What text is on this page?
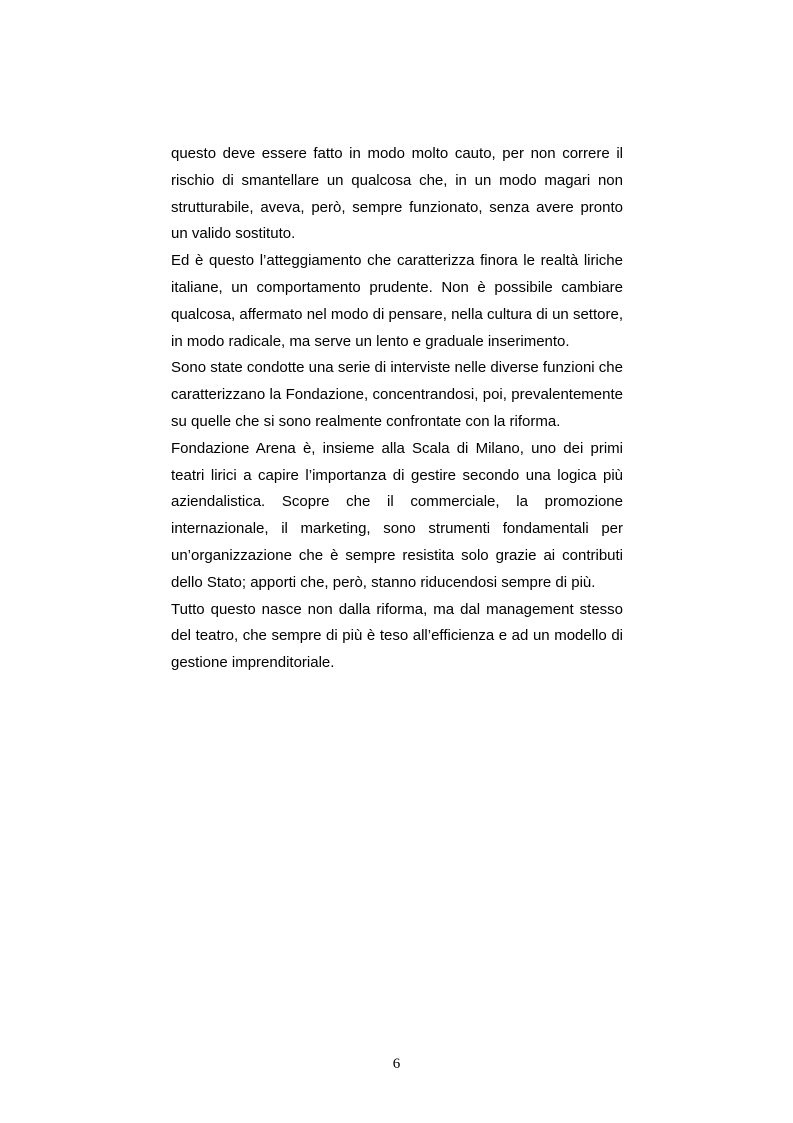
questo deve essere fatto in modo molto cauto, per non correre il rischio di smantellare un qualcosa che, in un modo magari non strutturabile, aveva, però, sempre funzionato, senza avere pronto un valido sostituto.

Ed è questo l’atteggiamento che caratterizza finora le realtà liriche italiane, un comportamento prudente. Non è possibile cambiare qualcosa, affermato nel modo di pensare, nella cultura di un settore, in modo radicale, ma serve un lento e graduale inserimento.

Sono state condotte una serie di interviste nelle diverse funzioni che caratterizzano la Fondazione, concentrandosi, poi, prevalentemente su quelle che si sono realmente confrontate con la riforma.

Fondazione Arena è, insieme alla Scala di Milano, uno dei primi teatri lirici a capire l’importanza di gestire secondo una logica più aziendalistica. Scopre che il commerciale, la promozione internazionale, il marketing, sono strumenti fondamentali per un’organizzazione che è sempre resistita solo grazie ai contributi dello Stato; apporti che, però, stanno riducendosi sempre di più.

Tutto questo nasce non dalla riforma, ma dal management stesso del teatro, che sempre di più è teso all’efficienza e ad un modello di gestione imprenditoriale.

6
